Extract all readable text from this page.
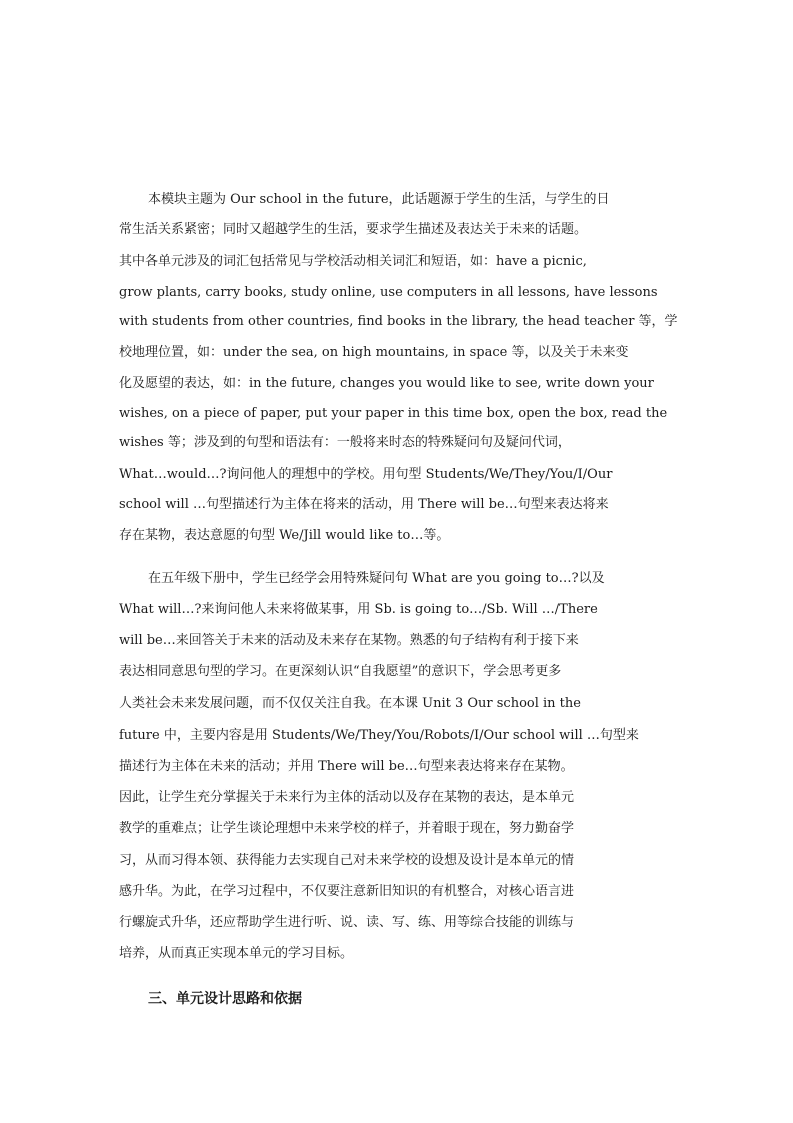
本模块主题为 Our school in the future，此话题源于学生的生活，与学生的日
常生活关系紧密；同时又超越学生的生活，要求学生描述及表达关于未来的话题。
其中各单元涉及的词汇包括常见与学校活动相关词汇和短语，如：have a picnic,
grow plants, carry books, study online, use computers in all lessons, have lessons
with students from other countries, find books in the library, the head teacher 等，学
校地理位置，如：under the sea, on high mountains, in space 等，以及关于未来变
化及愿望的表达，如：in the future, changes you would like to see, write down your
wishes, on a piece of paper, put your paper in this time box, open the box, read the
wishes 等；涉及到的句型和语法有：一般将来时态的特殊疑问句及疑问代词，
What…would…?询问他人的理想中的学校。用句型 Students/We/They/You/I/Our
school will …句型描述行为主体在将来的活动，用 There will be…句型来表达将来
存在某物，表达意愿的句型 We/Jill would like to…等。
在五年级下册中，学生已经学会用特殊疑问句 What are you going to…?以及
What will…?来询问他人未来将做某事，用 Sb. is going to…/Sb. Will …/There
will be…来回答关于未来的活动及未来存在某物。熟悉的句子结构有利于接下来
表达相同意思句型的学习。在更深刻认识“自我愿望”的意识下，学会思考更多
人类社会未来发展问题，而不仅仅关注自我。在本课 Unit 3 Our school in the
future 中，主要内容是用 Students/We/They/You/Robots/I/Our school will …句型来
描述行为主体在未来的活动；并用 There will be…句型来表达将来存在某物。
因此，让学生充分掌握关于未来行为主体的活动以及存在某物的表达，是本单元
教学的重难点；让学生谈论理想中未来学校的样子，并着眼于现在，努力勤奋学
习，从而习得本领、获得能力去实现自己对未来学校的设想及设计是本单元的情
感升华。为此，在学习过程中，不仅要注意新旧知识的有机整合，对核心语言进
行螺旋式升华，还应帮助学生进行听、说、读、写、练、用等综合技能的训练与
培养，从而真正实现本单元的学习目标。
三、单元设计思路和依据
